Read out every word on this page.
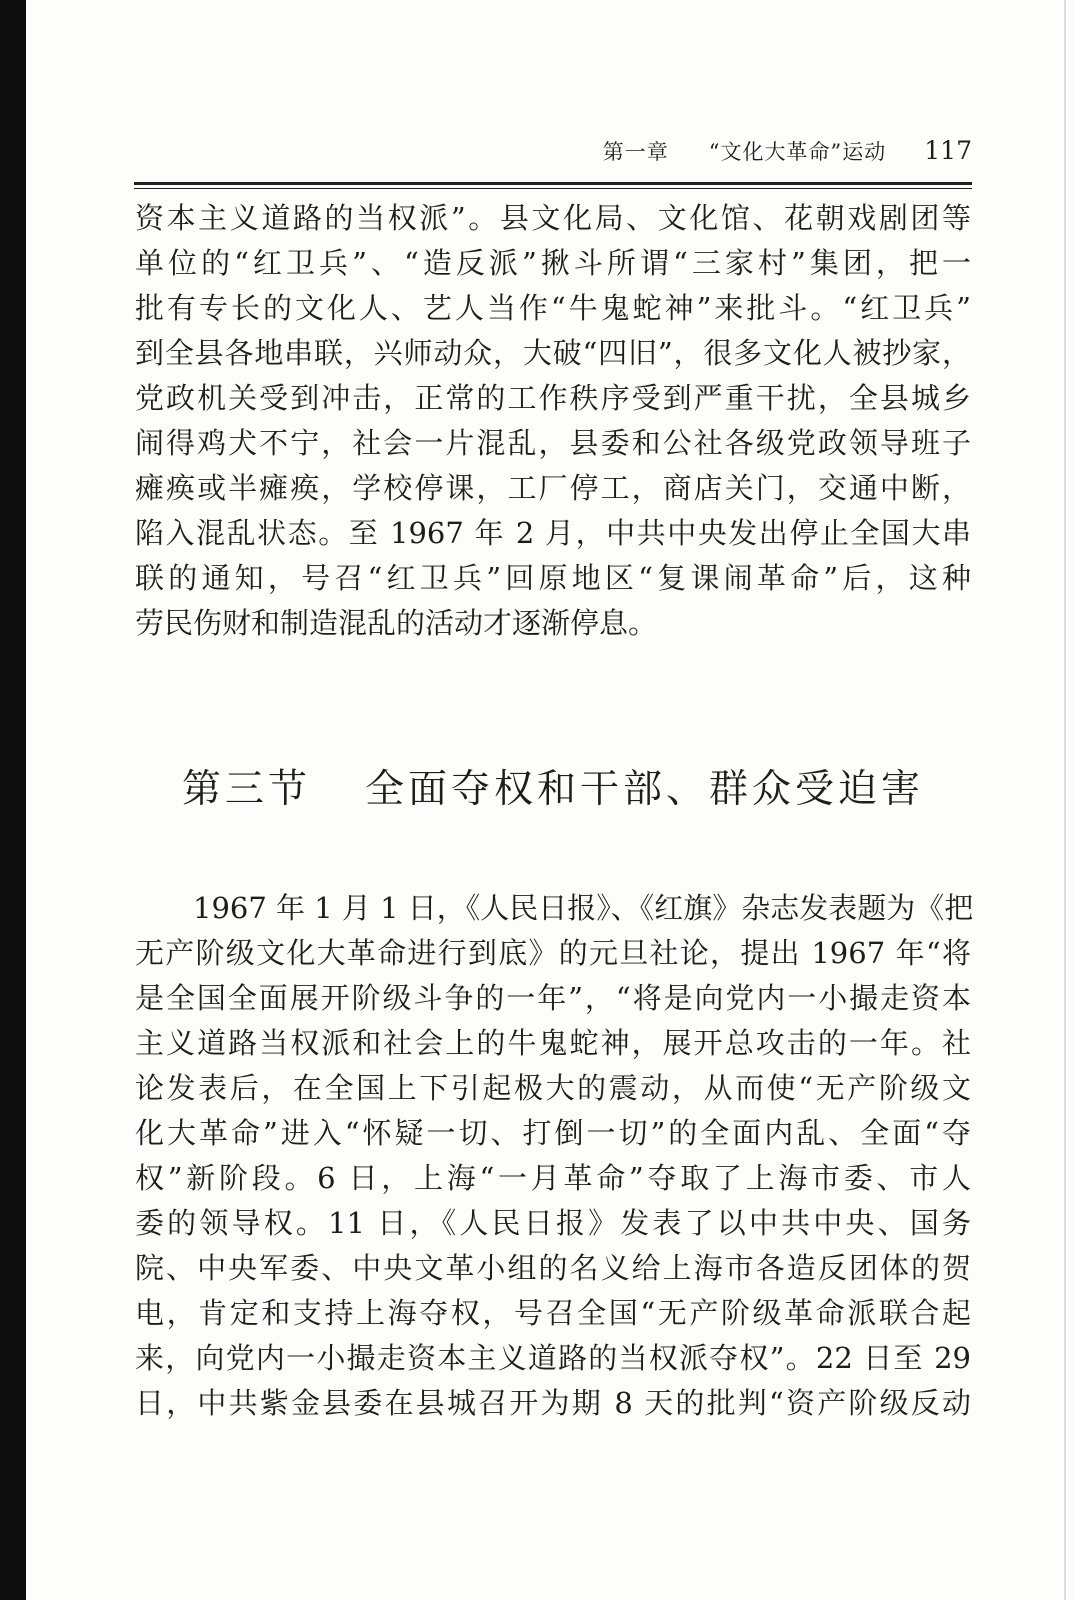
第一章 “文化大革命”运动 117

资本主义道路的当权派”。县文化局、文化馆、花朝戏剧团等
单位的“红卫兵”、“造反派”揪斗所谓“三家村”集团，把一
批有专长的文化人、艺人当作“牛鬼蛇神”来批斗。“红卫兵”
到全县各地串联，兴师动众，大破“四旧”，很多文化人被抄家，
党政机关受到冲击，正常的工作秩序受到严重干扰，全县城乡
闹得鸡犬不宁，社会一片混乱，县委和公社各级党政领导班子
瘫痪或半瘫痪，学校停课，工厂停工，商店关门，交通中断，
陷入混乱状态。至 1967 年 2 月，中共中央发出停止全国大串
联的通知，号召“红卫兵”回原地区“复课闹革命”后，这种
劳民伤财和制造混乱的活动才逐渐停息。

第三节 全面夺权和干部、群众受迫害

　　1967 年 1 月 1 日，《人民日报》、《红旗》杂志发表题为《把
无产阶级文化大革命进行到底》的元旦社论，提出 1967 年“将
是全国全面展开阶级斗争的一年”，“将是向党内一小撮走资本
主义道路当权派和社会上的牛鬼蛇神，展开总攻击的一年。社
论发表后，在全国上下引起极大的震动，从而使“无产阶级文
化大革命”进入“怀疑一切、打倒一切”的全面内乱、全面“夺
权”新阶段。6 日，上海“一月革命”夺取了上海市委、市人
委的领导权。11 日，《人民日报》发表了以中共中央、国务
院、中央军委、中央文革小组的名义给上海市各造反团体的贺
电，肯定和支持上海夺权，号召全国“无产阶级革命派联合起
来，向党内一小撮走资本主义道路的当权派夺权”。22 日至 29
日，中共紫金县委在县城召开为期 8 天的批判“资产阶级反动
